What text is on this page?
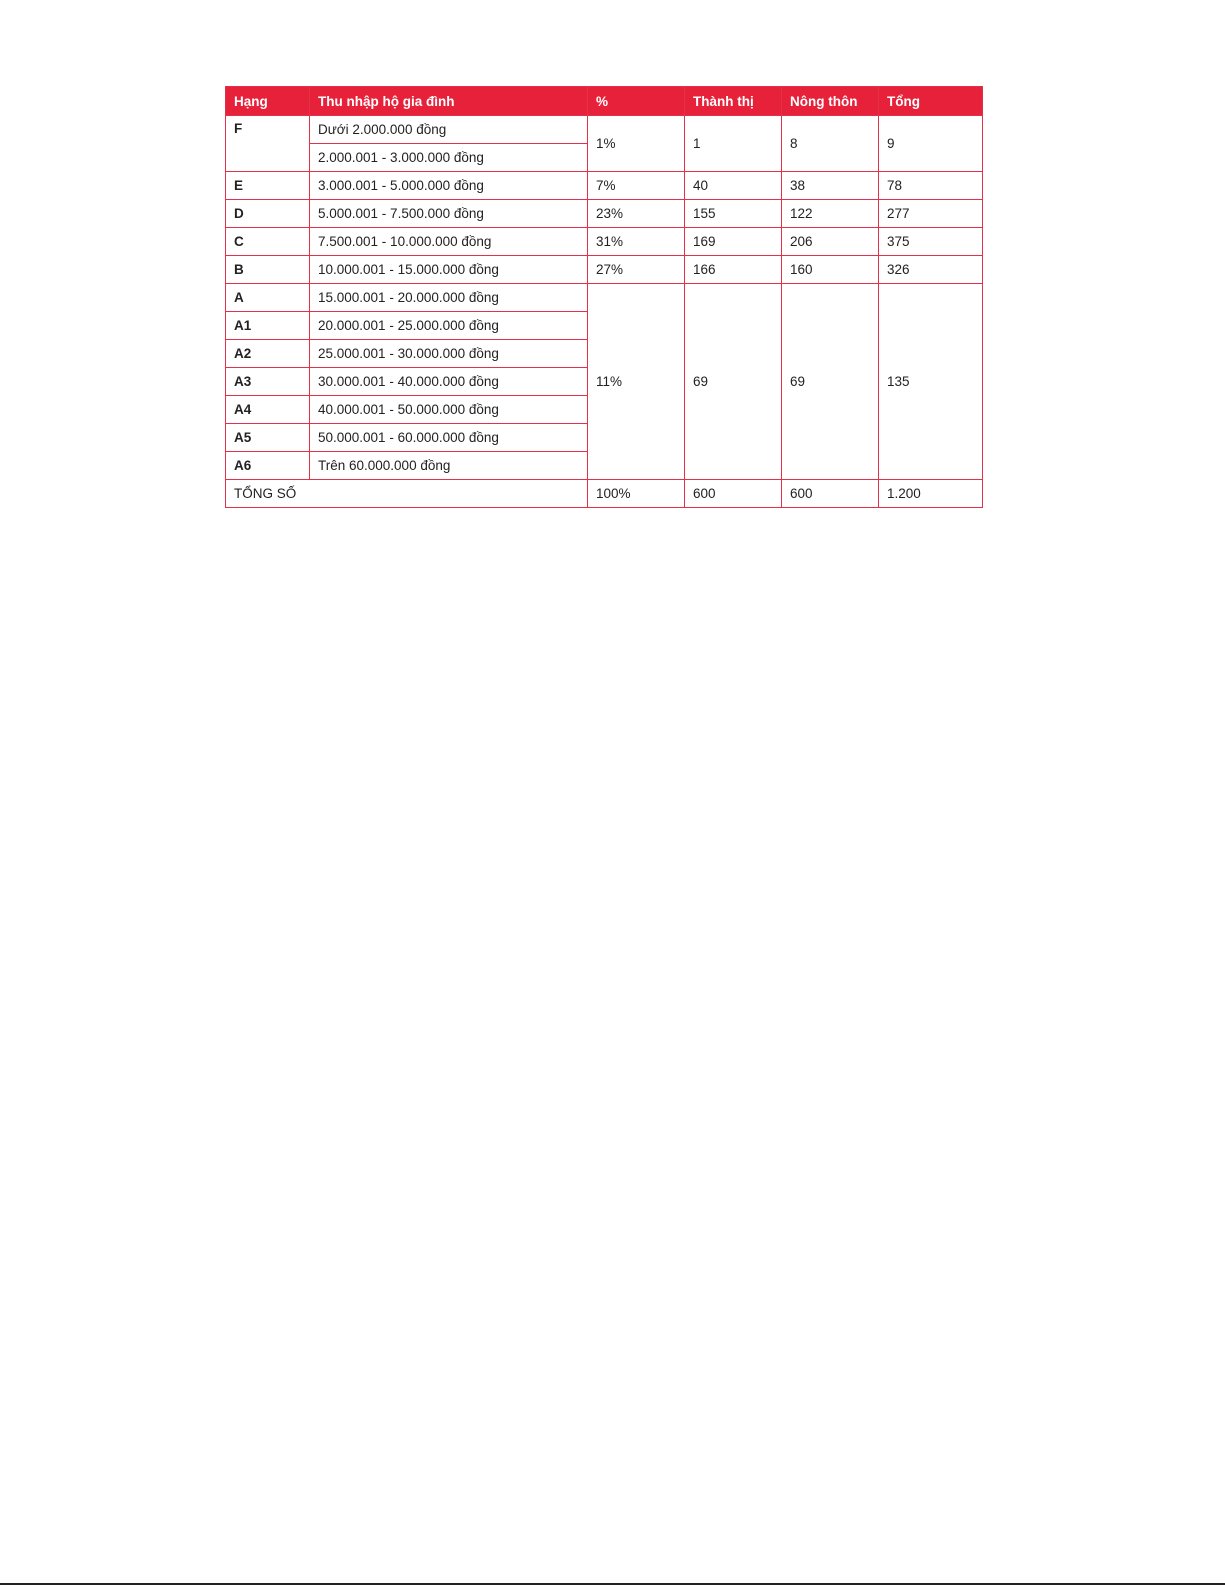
Hạng	Thu nhập hộ gia đình	%	Thành thị	Nông thôn	Tổng
F	Dưới 2.000.000 đồng	1%	1	8	9
	2.000.001 - 3.000.000 đồng				
E	3.000.001 - 5.000.000 đồng	7%	40	38	78
D	5.000.001 - 7.500.000 đồng	23%	155	122	277
C	7.500.001 - 10.000.000 đồng	31%	169	206	375
B	10.000.001 - 15.000.000 đồng	27%	166	160	326
A	15.000.001 - 20.000.000 đồng	11%	69	69	135
A1	20.000.001 - 25.000.000 đồng				
A2	25.000.001 - 30.000.000 đồng				
A3	30.000.001 - 40.000.000 đồng				
A4	40.000.001 - 50.000.000 đồng				
A5	50.000.001 - 60.000.000 đồng				
A6	Trên 60.000.000 đồng				
TỔNG SỐ		100%	600	600	1.200
